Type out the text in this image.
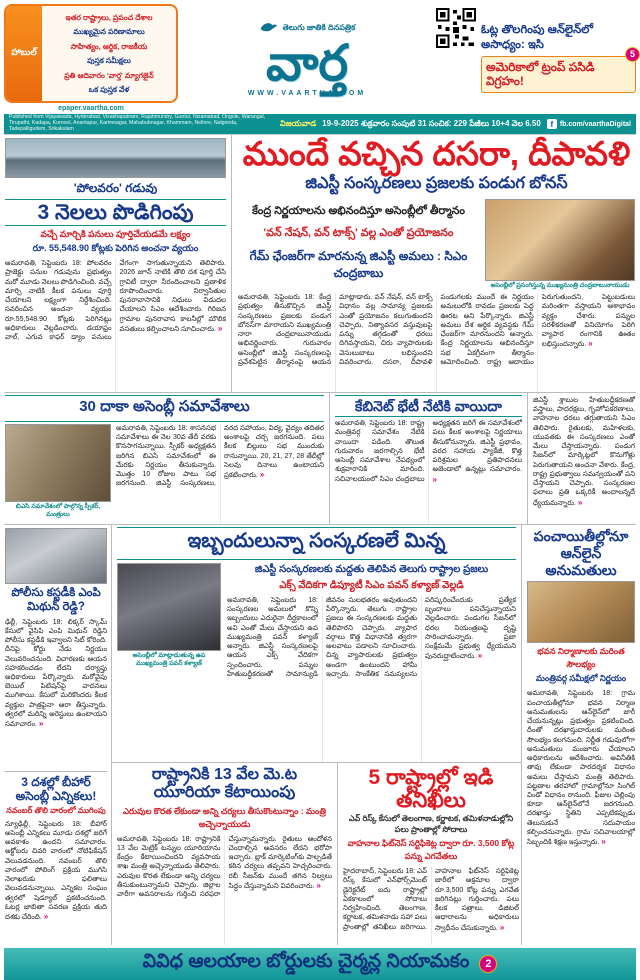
హాబుల్
ఇతర రాష్ట్రాలు, ప్రపంచ దేశాల
ముఖ్యమైన పరిణామాలు
సాహిత్యం, ఆర్థిక, రాజకీయ
పుస్తక సమీక్షలు
ప్రతి ఆదివారం 'వార్త' మ్యాగజైన్
ఒక పుస్తక వేళ
epaper.vaartha.com
తెలుగు జాతికి దినపత్రిక
వార్త
WWW.VAARTHA.COM
ఓట్ల తొలగింపు ఆన్‌లైన్‌లో అసాధ్యం: ఇసి
5
అమెరికాలో ట్రంప్ పసిడి విగ్రహం!
Published from Vijayawada, Hyderabad, Visakhapatnam, Rajahmundry, Guntur, Nizamabad, Ongole, Warangal, Tirupathi, Kadapa, Kurnool, Anantapur, Karimnagar, Mahabubnagar, Khammam, Nellore, Nalgonda, Tadepalligudem, Srikakulam
విజయవాడ 19-9-2025 శుక్రవారం సంపుటి 31 సంచిక: 229 పేజీలు 10+4 వెల 6.50	f fb.com/vaarthaDigital
'పోలవరం' గడువు
3 నెలలు పొడిగింపు
వచ్చే మార్చికి పనులు పూర్తిచేయడమే లక్ష్యం
రూ. 55,548.90 కోట్లకు పెరిగిన అంచనా వ్యయం
అమరావతి, సెప్టెంబరు 18: పోలవరం ప్రాజెక్టు పనుల గడువును ప్రభుత్వం మరో మూడు నెలలు పొడిగించింది. వచ్చే మార్చి నాటికి కీలక పనులు పూర్తి చేయాలని లక్ష్యంగా నిర్దేశించింది. సవరించిన అంచనా వ్యయం రూ.55,548.90 కోట్లకు పెరిగినట్లు అధికారులు వెల్లడించారు. డయాఫ్రం వాల్, ఎగువ కాఫర్ డ్యాం పనులు వేగంగా సాగుతున్నాయని తెలిపారు. 2026 జూన్ నాటికి తొలి దశ పూర్తి చేసి గ్రావిటీ ద్వారా నీరందించాలని ప్రణాళిక రూపొందించారు. నిర్వాసితుల పునరావాసానికి నిధులు విడుదల చేయాలని సిఎం ఆదేశించారు. గిరిజన గ్రామాల పునరావాస కాలనీల్లో మౌలిక వసతులు కల్పించాలని సూచించారు. »
ముందే వచ్చిన దసరా, దీపావళి
జిఎస్టీ సంస్కరణలు ప్రజలకు పండుగ బోనస్
కేంద్ర నిర్ణయాలను అభినందిస్తూ అసెంబ్లీలో తీర్మానం
'వన్ నేషన్, వన్ టాక్స్' వల్ల ఎంతో ప్రయోజనం
గేమ్ ఛేంజర్‌గా మారనున్న జిఎస్టీ అమలు : సిఎం చంద్రబాబు
అసెంబ్లీలో ప్రసంగిస్తున్న ముఖ్యమంత్రి చంద్రబాబునాయుడు
అమరావతి, సెప్టెంబరు 18: కేంద్ర ప్రభుత్వం తీసుకొచ్చిన జిఎస్టీ సంస్కరణలు ప్రజలకు పండుగ బోనస్‌గా మారాయని ముఖ్యమంత్రి నారా చంద్రబాబునాయుడు అభివర్ణించారు. గురువారం అసెంబ్లీలో జిఎస్టీ సంస్కరణలపై ప్రవేశపెట్టిన తీర్మానంపై ఆయన మాట్లాడారు. వన్ నేషన్, వన్ టాక్స్ విధానం వల్ల సామాన్య ప్రజలకు ఎంతో ప్రయోజనం కలుగుతుందని చెప్పారు. నిత్యావసర వస్తువులపై పన్ను తగ్గడంతో ధరలు దిగివస్తాయని, చిరు వ్యాపారులకు వెసులుబాటు లభిస్తుందని వివరించారు. దసరా, దీపావళి పండుగలకు ముందే ఈ నిర్ణయం అమలులోకి రావడం ప్రజలకు పెద్ద ఊరట అని పేర్కొన్నారు. జిఎస్టీ అమలు దేశ ఆర్థిక వ్యవస్థకు గేమ్ ఛేంజర్‌గా మారనుందని అన్నారు. కేంద్ర నిర్ణయాలను అభినందిస్తూ సభ ఏకగ్రీవంగా తీర్మానం ఆమోదించింది. రాష్ట్ర ఆదాయం పెరుగుతుందని, పెట్టుబడులు మరింతగా వస్తాయని ఆశాభావం వ్యక్తం చేశారు. పన్నుల సరళీకరణతో వినియోగం పెరిగి వ్యాపార రంగానికి ఊతం లభిస్తుందన్నారు. »
30 దాకా అసెంబ్లీ సమావేశాలు
బిఎసి సమావేశంలో పాల్గొన్న స్పీకర్, మంత్రులు
అమరావతి, సెప్టెంబరు 18: శాసనసభ సమావేశాలు ఈ నెల 30వ తేదీ వరకు కొనసాగనున్నాయి. స్పీకర్ అధ్యక్షతన జరిగిన బిఎసి సమావేశంలో ఈ మేరకు నిర్ణయం తీసుకున్నారు. మొత్తం 10 రోజుల పాటు సభ జరగనుంది. జిఎస్టీ సంస్కరణలు, వరద సహాయం, విద్య, వైద్యం తదితర అంశాలపై చర్చ జరగనుంది. పలు కీలక బిల్లులు సభ ముందుకు రానున్నాయి. 20, 21, 27, 28 తేదీల్లో సెలవు దినాలు ఉంటాయని ప్రకటించారు. »
కేబినెట్ భేటీ నేటికి వాయిదా
అమరావతి, సెప్టెంబరు 18: రాష్ట్ర మంత్రివర్గ సమావేశం నేటికి వాయిదా పడింది. తొలుత గురువారం జరగాల్సిన భేటీ అసెంబ్లీ సమావేశాల నేపథ్యంలో శుక్రవారానికి మారింది. సచివాలయంలో సిఎం చంద్రబాబు అధ్యక్షతన జరిగే ఈ సమావేశంలో పలు కీలక అంశాలపై నిర్ణయాలు తీసుకోనున్నారు. జిఎస్టీ ప్రభావం, వరద సహాయ ప్యాకేజీ, కొత్త పరిశ్రమల ప్రతిపాదనలు అజెండాలో ఉన్నట్లు సమాచారం. »
జిఎస్టీ శ్లాబుల హేతుబద్ధీకరణతో వస్త్రాలు, పాదరక్షలు, గృహోపకరణాలు, వాహనాల ధరలు తగ్గుతాయని సిఎం తెలిపారు. రైతులకు, మహిళలకు, యువతకు ఈ సంస్కరణలు ఎంతో మేలు చేస్తాయన్నారు. పండుగ సీజన్‌లో మార్కెట్లలో కొనుగోళ్లు పెరుగుతాయని అంచనా వేశారు. కేంద్ర, రాష్ట్ర ప్రభుత్వాలు సమన్వయంతో పని చేస్తాయని చెప్పారు. సంస్కరణల ఫలాలు ప్రతి ఒక్కరికీ అందాలన్నదే ధ్యేయమన్నారు. »
పోలీసు కస్టడీకి ఎంపి మిథున్ రెడ్డి?
ఢిల్లీ, సెప్టెంబరు 18: లిక్కర్ స్కామ్ కేసులో వైసిపి ఎంపి మిథున్ రెడ్డిని పోలీసు కస్టడీకి ఇవ్వాలని సిట్ కోరింది. దీనిపై కోర్టు నేడు నిర్ణయం వెలువరించనుంది. విచారణకు ఆయన సహకరించడం లేదని దర్యాప్తు అధికారులు పేర్కొన్నారు. మరోవైపు బెయిల్ పిటిషన్‌పై వాదనలు ముగిశాయి. కేసులో మరికొందరు కీలక వ్యక్తుల పాత్రపైనా ఆరా తీస్తున్నారు. త్వరలో మరిన్ని అరెస్టులు ఉంటాయని సమాచారం. »
3 దశల్లో బీహార్ అసెంబ్లీ ఎన్నికలు!
నవంబర్ తొలి వారంలో ముగింపు
న్యూఢిల్లీ, సెప్టెంబరు 18: బీహార్ అసెంబ్లీ ఎన్నికలు మూడు దశల్లో జరిగే అవకాశం ఉందని సమాచారం. అక్టోబరు చివరి వారంలో నోటిఫికేషన్ వెలువడనుంది. నవంబర్ తొలి వారంలో పోలింగ్ ప్రక్రియ ముగిసి నెలాఖరుకు ఫలితాలు వెలువడనున్నాయి. ఎన్నికల సంఘం త్వరలో షెడ్యూల్ ప్రకటించనుంది. ఓటర్ల జాబితా సవరణ ప్రక్రియ తుది దశకు చేరింది. »
ఇబ్బందులున్నా సంస్కరణలే మిన్న
అసెంబ్లీలో మాట్లాడుతున్న ఉప ముఖ్యమంత్రి పవన్ కళ్యాణ్
జిఎస్టీ సంస్కరణలకు మద్దతు తెలిపిన తెలుగు రాష్ట్రాల ప్రజలు
ఎక్స్ వేదికగా డిప్యూటీ సిఎం పవన్ కళ్యాణ్ వెల్లడి
అమరావతి, సెప్టెంబరు 18: సంస్కరణల అమలులో కొన్ని ఇబ్బందులు ఎదురైనా దీర్ఘకాలంలో అవి ఎంతో మేలు చేస్తాయని ఉప ముఖ్యమంత్రి పవన్ కళ్యాణ్ అన్నారు. జిఎస్టీ సంస్కరణలపై ఆయన ఎక్స్ వేదికగా స్పందించారు. పన్నుల హేతుబద్ధీకరణతో సామాన్యుడి జీవనం సులభతరం అవుతుందని పేర్కొన్నారు. తెలుగు రాష్ట్రాల ప్రజలు ఈ సంస్కరణలకు మద్దతు తెలిపారని చెప్పారు. వ్యాపార వర్గాలు కొత్త విధానానికి త్వరగా అలవాటు పడాలని సూచించారు. చిన్న వ్యాపారులకు ప్రభుత్వం అండగా ఉంటుందని హామీ ఇచ్చారు. సాంకేతిక సమస్యలను పరిష్కరించేందుకు ప్రత్యేక బృందాలు పనిచేస్తున్నాయని వెల్లడించారు. పండుగల సీజన్‌లో ధరల నియంత్రణపై దృష్టి సారించామన్నారు. ప్రజా సంక్షేమమే ప్రభుత్వ ధ్యేయమని పునరుద్ఘాటించారు. »
రాష్ట్రానికి 13 వేల మె.ట యూరియా కేటాయింపు
ఎరువుల కొరత లేకుండా అన్ని చర్యలు తీసుకొంటున్నాం : మంత్రి అచ్చెన్నాయుడు
అమరావతి, సెప్టెంబరు 18: రాష్ట్రానికి 13 వేల మెట్రిక్ టన్నుల యూరియాను కేంద్రం కేటాయించిందని వ్యవసాయ శాఖ మంత్రి అచ్చెన్నాయుడు తెలిపారు. ఎరువుల కొరత లేకుండా అన్ని చర్యలు తీసుకుంటున్నామని చెప్పారు. జిల్లాల వారీగా అవసరాలను గుర్తించి సరఫరా చేస్తున్నామన్నారు. రైతులు ఆందోళన చెందాల్సిన అవసరం లేదని భరోసా ఇచ్చారు. బ్లాక్ మార్కెటింగ్‌కు పాల్పడితే కఠిన చర్యలు తప్పవని హెచ్చరించారు. రబీ సీజన్‌కు ముందే తగిన నిల్వలు సిద్ధం చేస్తున్నామని వివరించారు. »
5 రాష్ట్రాల్లో ఇడి తనిఖీలు
ఎవ్ రిస్క్ కేసులో తెలంగాణ, కర్ణాటక, తమిళనాడుల్లోని పలు ప్రాంతాల్లో సోదాలు
వాహనాల ఫిట్‌నెస్ సర్టిఫికెట్ల ద్వారా రూ. 3,500 కోట్ల పన్ను ఎగవేతలు
హైదరాబాద్, సెప్టెంబరు 18: ఎవ్ రిస్క్ కేసులో ఎన్‌ఫోర్స్‌మెంట్ డైరెక్టరేట్ ఐదు రాష్ట్రాల్లో ఏకకాలంలో సోదాలు నిర్వహించింది. తెలంగాణ, కర్ణాటక, తమిళనాడు సహా పలు ప్రాంతాల్లో తనిఖీలు జరిగాయి. వాహనాల ఫిట్‌నెస్ సర్టిఫికెట్ల జారీలో అక్రమాల ద్వారా రూ.3,500 కోట్ల పన్ను ఎగవేత జరిగినట్లు గుర్తించారు. పలు కీలక పత్రాలు, డిజిటల్ ఆధారాలను అధికారులు స్వాధీనం చేసుకున్నారు. »
పంచాయితీల్లోనూ ఆన్‌లైన్ అనుమతులు
భవన నిర్మాణాలకు మరింత సౌలభ్యం
మంత్రివర్గ సమీక్షలో నిర్ణయం
అమరావతి, సెప్టెంబరు 18: గ్రామ పంచాయతీల్లోనూ భవన నిర్మాణ అనుమతులను ఆన్‌లైన్‌లో జారీ చేయనున్నట్లు ప్రభుత్వం ప్రకటించింది. దీంతో దరఖాస్తుదారులకు మరింత సౌలభ్యం కలగనుంది. నిర్ణీత గడువులోగా అనుమతులు మంజూరు చేయాలని అధికారులను ఆదేశించారు. అవినీతికి తావు లేకుండా పారదర్శక విధానం అమలు చేస్తామని మంత్రి తెలిపారు. పట్టణాల తరహాలో గ్రామాల్లోనూ సింగిల్ విండో విధానం రానుంది. ఫీజుల చెల్లింపు కూడా ఆన్‌లైన్‌లోనే జరగనుంది. దరఖాస్తు స్థితిని ఎప్పటికప్పుడు తెలుసుకునే సదుపాయం కల్పించనున్నారు. గ్రామ సచివాలయాల్లో సిబ్బందికి శిక్షణ ఇస్తున్నారు. »
వివిధ ఆలయాల బోర్డులకు చైర్మన్ల నియామకం	2
